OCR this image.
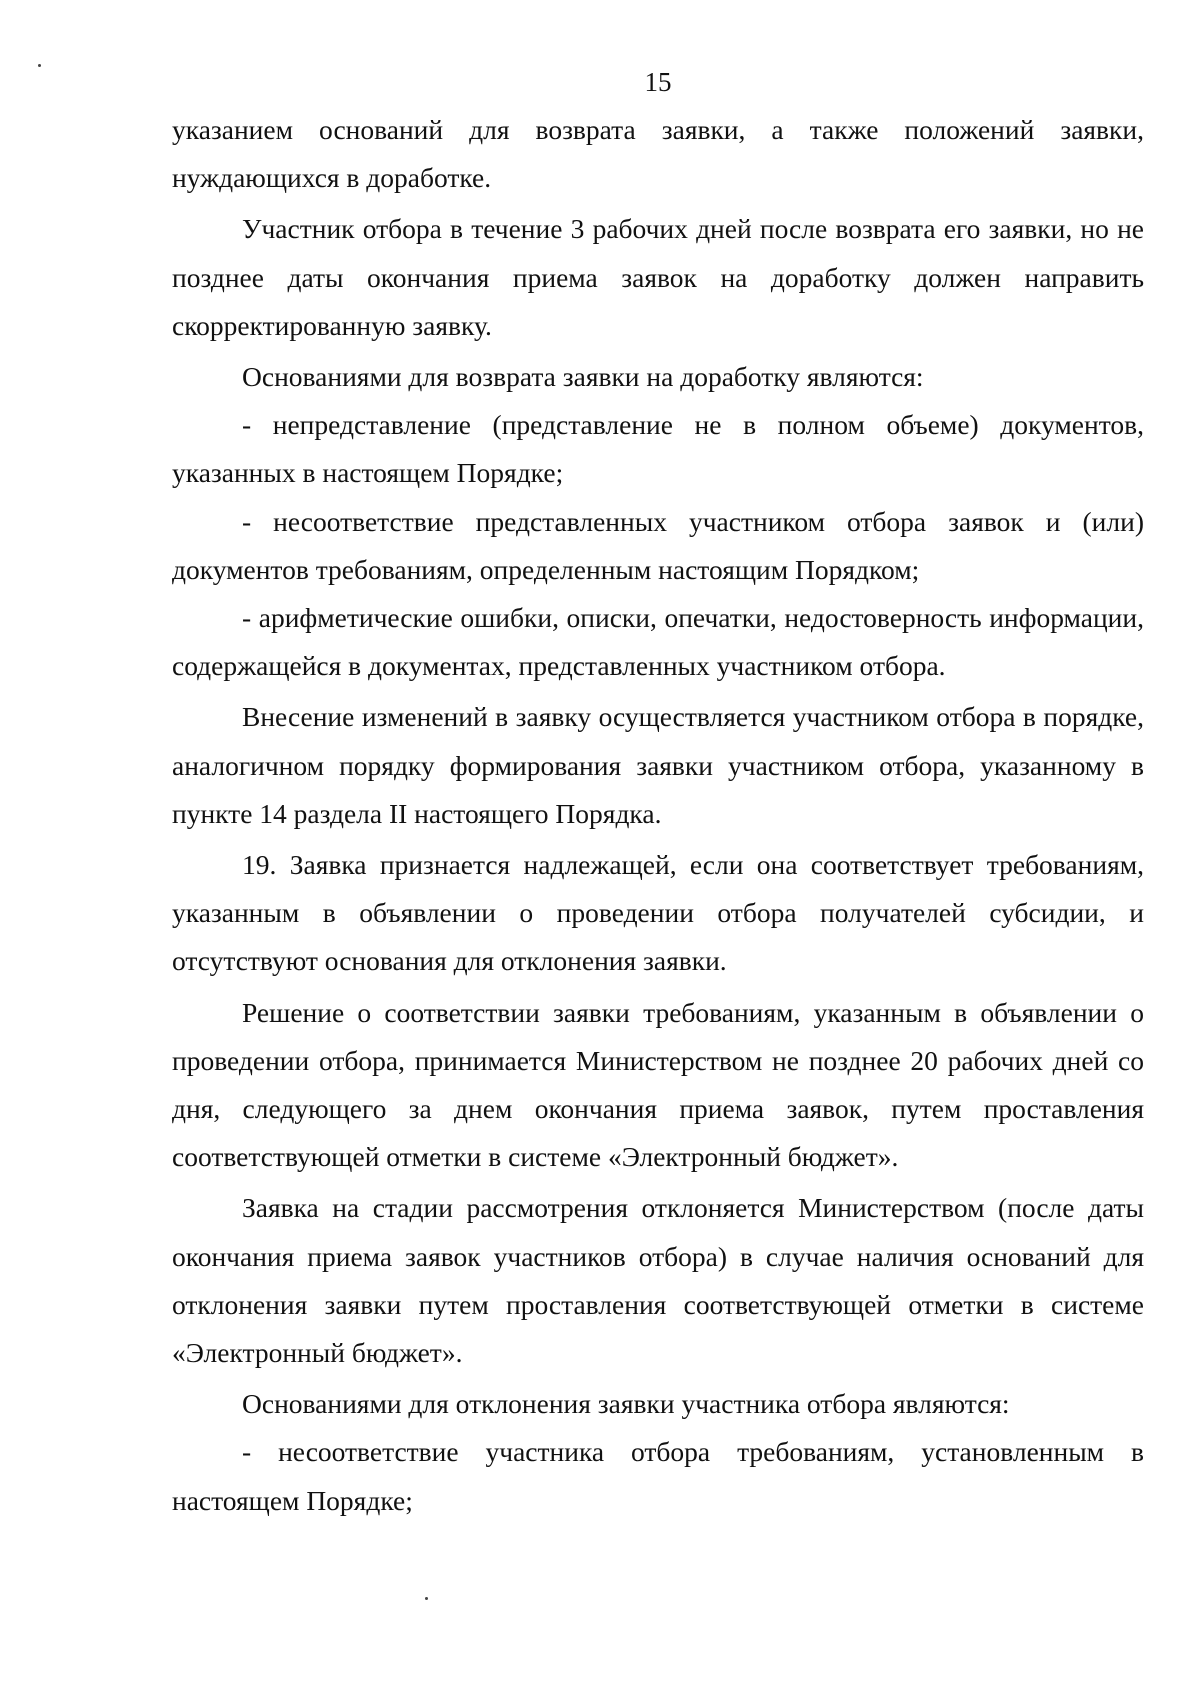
15

указанием оснований для возврата заявки, а также положений заявки, нуждающихся в доработке.

Участник отбора в течение 3 рабочих дней после возврата его заявки, но не позднее даты окончания приема заявок на доработку должен направить скорректированную заявку.

Основаниями для возврата заявки на доработку являются:

- непредставление (представление не в полном объеме) документов, указанных в настоящем Порядке;

- несоответствие представленных участником отбора заявок и (или) документов требованиям, определенным настоящим Порядком;

- арифметические ошибки, описки, опечатки, недостоверность информации, содержащейся в документах, представленных участником отбора.

Внесение изменений в заявку осуществляется участником отбора в порядке, аналогичном порядку формирования заявки участником отбора, указанному в пункте 14 раздела II настоящего Порядка.

19. Заявка признается надлежащей, если она соответствует требованиям, указанным в объявлении о проведении отбора получателей субсидии, и отсутствуют основания для отклонения заявки.

Решение о соответствии заявки требованиям, указанным в объявлении о проведении отбора, принимается Министерством не позднее 20 рабочих дней со дня, следующего за днем окончания приема заявок, путем проставления соответствующей отметки в системе «Электронный бюджет».

Заявка на стадии рассмотрения отклоняется Министерством (после даты окончания приема заявок участников отбора) в случае наличия оснований для отклонения заявки путем проставления соответствующей отметки в системе «Электронный бюджет».

Основаниями для отклонения заявки участника отбора являются:

- несоответствие участника отбора требованиям, установленным в настоящем Порядке;
